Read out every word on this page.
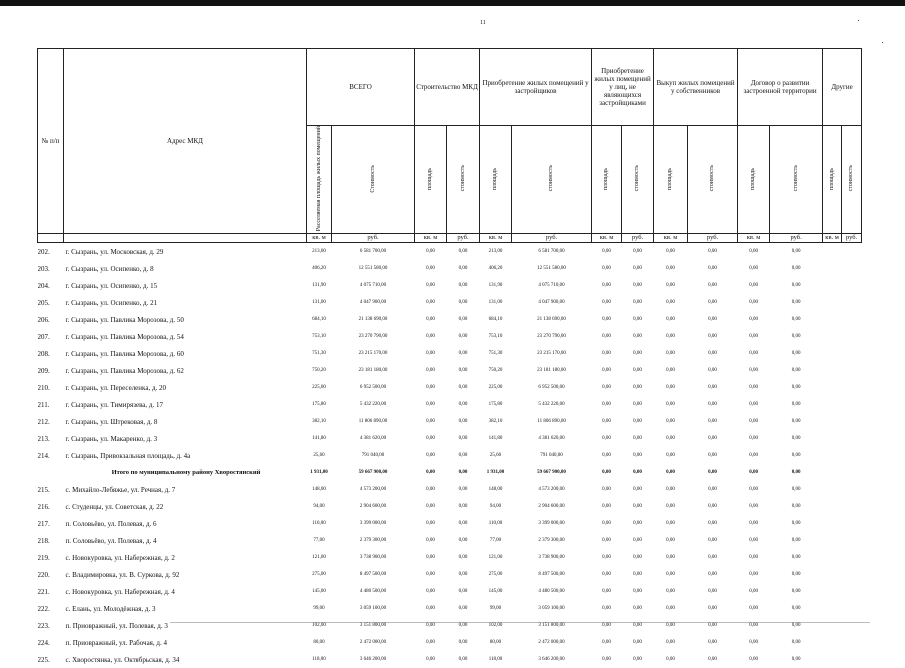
11
№ п/п	Адрес МКД	ВСЕГО		Строительство МКД		Приобретение жилых помещений у застройщиков		Приобретение жилых помещений у лиц, не являющихся застройщиками		Выкуп жилых помещений у собственников		Договор о развитии застроенной территории		Другие	
		Расселяемая площадь жилых помещений	Стоимость	площадь	стоимость	площадь	стоимость	площадь	стоимость	площадь	стоимость	площадь	стоимость	площадь	стоимость
		кв. м	руб.	кв. м	руб.	кв. м	руб.	кв. м	руб.	кв. м	руб.	кв. м	руб.	кв. м	руб.
202.	г. Сызрань, ул. Московская, д. 29	213,00	6 581 700,00	0,00	0,00	213,00	6 581 700,00	0,00	0,00	0,00	0,00	0,00	0,00		
203.	г. Сызрань, ул. Осипенко, д. 8	406,20	12 551 580,00	0,00	0,00	406,20	12 551 580,00	0,00	0,00	0,00	0,00	0,00	0,00		
204.	г. Сызрань, ул. Осипенко, д. 15	131,90	4 075 710,00	0,00	0,00	131,90	4 075 710,00	0,00	0,00	0,00	0,00	0,00	0,00		
205.	г. Сызрань, ул. Осипенко, д. 21	131,00	4 047 900,00	0,00	0,00	131,00	4 047 900,00	0,00	0,00	0,00	0,00	0,00	0,00		
206.	г. Сызрань, ул. Павлика Морозова, д. 50	684,10	21 138 690,00	0,00	0,00	684,10	21 138 690,00	0,00	0,00	0,00	0,00	0,00	0,00		
207.	г. Сызрань, ул. Павлика Морозова, д. 54	753,10	23 270 790,00	0,00	0,00	753,10	23 270 790,00	0,00	0,00	0,00	0,00	0,00	0,00		
208.	г. Сызрань, ул. Павлика Морозова, д. 60	751,30	23 215 170,00	0,00	0,00	751,30	23 215 170,00	0,00	0,00	0,00	0,00	0,00	0,00		
209.	г. Сызрань, ул. Павлика Морозова, д. 62	750,20	23 181 180,00	0,00	0,00	750,20	23 181 180,00	0,00	0,00	0,00	0,00	0,00	0,00		
210.	г. Сызрань, ул. Переселенка, д. 20	225,00	6 952 500,00	0,00	0,00	225,00	6 952 500,00	0,00	0,00	0,00	0,00	0,00	0,00		
211.	г. Сызрань, ул. Тимирязева, д. 17	175,80	5 432 220,00	0,00	0,00	175,80	5 432 220,00	0,00	0,00	0,00	0,00	0,00	0,00		
212.	г. Сызрань, ул. Штрековая, д. 8	382,10	11 806 890,00	0,00	0,00	382,10	11 806 890,00	0,00	0,00	0,00	0,00	0,00	0,00		
213.	г. Сызрань, ул. Макаренко, д. 3	141,80	4 381 620,00	0,00	0,00	141,80	4 381 620,00	0,00	0,00	0,00	0,00	0,00	0,00		
214.	г. Сызрань, Привокзальная площадь, д. 4а	25,60	791 040,00	0,00	0,00	25,60	791 040,00	0,00	0,00	0,00	0,00	0,00	0,00		
	Итого по муниципальному району Хворостянский	1 931,00	59 667 900,00	0,00	0,00	1 931,00	59 667 900,00	0,00	0,00	0,00	0,00	0,00	0,00		
215.	с. Михайло-Лебяжье, ул. Речная, д. 7	148,00	4 573 200,00	0,00	0,00	148,00	4 573 200,00	0,00	0,00	0,00	0,00	0,00	0,00		
216.	с. Студенцы, ул. Советская, д. 22	94,00	2 904 600,00	0,00	0,00	94,00	2 904 600,00	0,00	0,00	0,00	0,00	0,00	0,00		
217.	п. Соловьёво, ул. Полевая, д. 6	110,00	3 399 000,00	0,00	0,00	110,00	3 399 000,00	0,00	0,00	0,00	0,00	0,00	0,00		
218.	п. Соловьёво, ул. Полевая, д. 4	77,00	2 379 300,00	0,00	0,00	77,00	2 379 300,00	0,00	0,00	0,00	0,00	0,00	0,00		
219.	с. Новокуровка, ул. Набережная, д. 2	121,00	3 738 900,00	0,00	0,00	121,00	3 738 900,00	0,00	0,00	0,00	0,00	0,00	0,00		
220.	с. Владимировка, ул. В. Суркова, д. 92	275,00	8 497 500,00	0,00	0,00	275,00	8 497 500,00	0,00	0,00	0,00	0,00	0,00	0,00		
221.	с. Новокуровка, ул. Набережная, д. 4	145,00	4 480 500,00	0,00	0,00	145,00	4 480 500,00	0,00	0,00	0,00	0,00	0,00	0,00		
222.	с. Елань, ул. Молодёжная, д. 3	99,00	3 059 100,00	0,00	0,00	99,00	3 059 100,00	0,00	0,00	0,00	0,00	0,00	0,00		
223.	п. Приовражный, ул. Полевая, д. 3	102,00	3 151 800,00	0,00	0,00	102,00	3 151 800,00	0,00	0,00	0,00	0,00	0,00	0,00		
224.	п. Приовражный, ул. Рабочая, д. 4	80,00	2 472 000,00	0,00	0,00	80,00	2 472 000,00	0,00	0,00	0,00	0,00	0,00	0,00		
225.	с. Хворостянка, ул. Октябрьская, д. 34	118,00	3 646 200,00	0,00	0,00	118,00	3 646 200,00	0,00	0,00	0,00	0,00	0,00	0,00		
